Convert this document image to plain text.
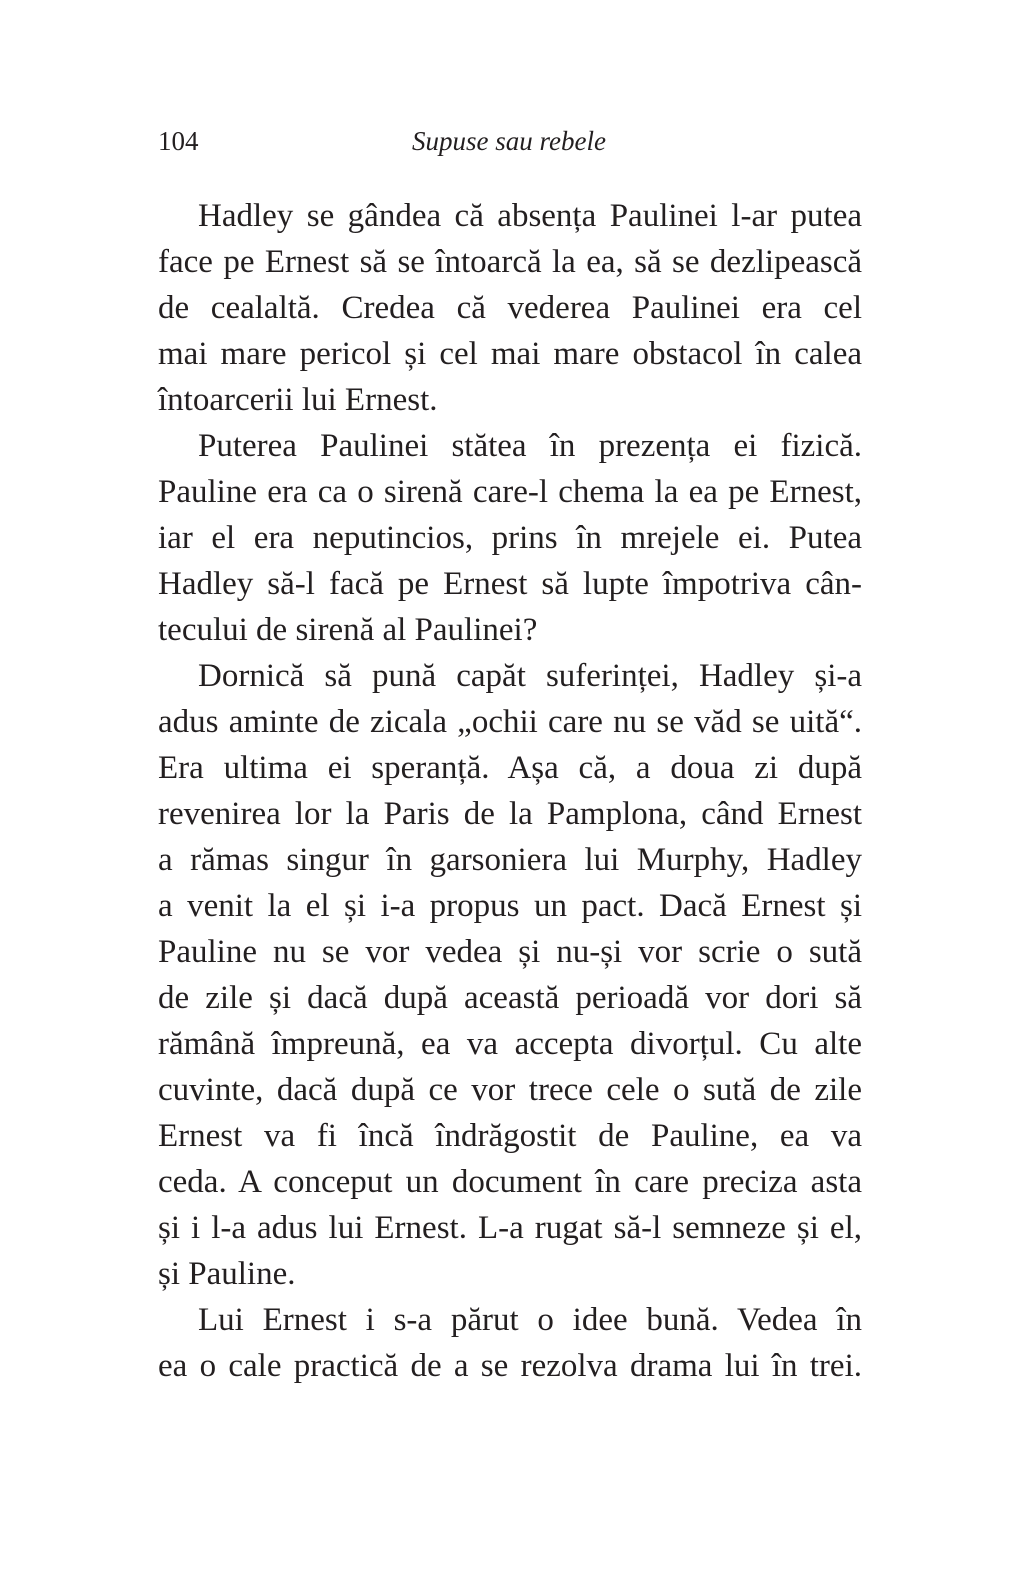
104	Supuse sau rebele
Hadley se gândea că absența Paulinei l-ar putea
face pe Ernest să se întoarcă la ea, să se dezlipească
de cealaltă. Credea că vederea Paulinei era cel
mai mare pericol și cel mai mare obstacol în calea
întoarcerii lui Ernest.
Puterea Paulinei stătea în prezența ei fizică.
Pauline era ca o sirenă care-l chema la ea pe Ernest,
iar el era neputincios, prins în mrejele ei. Putea
Hadley să-l facă pe Ernest să lupte împotriva cân-
tecului de sirenă al Paulinei?
Dornică să pună capăt suferinței, Hadley și-a
adus aminte de zicala „ochii care nu se văd se uită“.
Era ultima ei speranță. Așa că, a doua zi după
revenirea lor la Paris de la Pamplona, când Ernest
a rămas singur în garsoniera lui Murphy, Hadley
a venit la el și i-a propus un pact. Dacă Ernest și
Pauline nu se vor vedea și nu-și vor scrie o sută
de zile și dacă după această perioadă vor dori să
rămână împreună, ea va accepta divorțul. Cu alte
cuvinte, dacă după ce vor trece cele o sută de zile
Ernest va fi încă îndrăgostit de Pauline, ea va
ceda. A conceput un document în care preciza asta
și i l-a adus lui Ernest. L-a rugat să-l semneze și el,
și Pauline.
Lui Ernest i s-a părut o idee bună. Vedea în
ea o cale practică de a se rezolva drama lui în trei.
